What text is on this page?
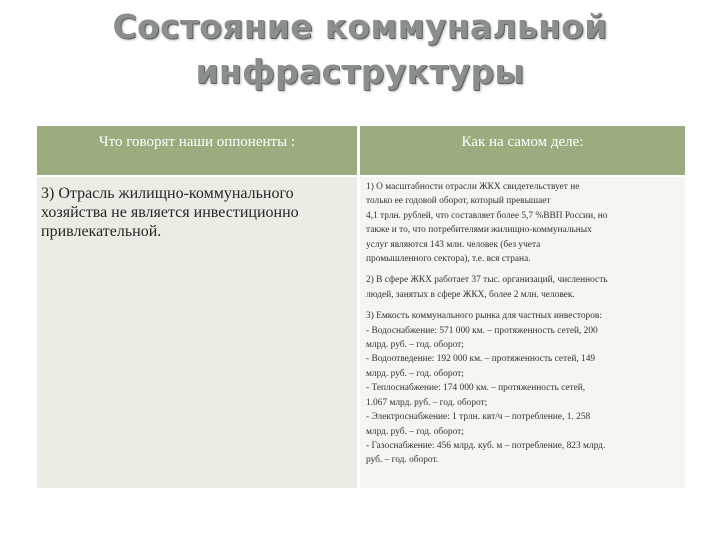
Состояние коммунальной
инфраструктуры
Что говорят наши оппоненты :	Как на самом деле:
3) Отрасль жилищно-коммунального хозяйства не является инвестиционно привлекательной.
1) О масштабности отрасли ЖКХ свидетельствует не
только ее годовой оборот, который превышает
4,1 трлн. рублей, что составляет более 5,7 %ВВП России, но
также и то, что потребителями жилищно-коммунальных
услуг являются 143 млн. человек (без учета
промышленного сектора), т.е. вся страна.
2) В сфере ЖКХ работает 37 тыс. организаций, численность
людей, занятых в сфере ЖКХ, более 2 млн. человек.
3) Емкость коммунального рынка для частных инвесторов:
- Водоснабжение: 571 000 км. – протяженность сетей, 200
млрд. руб. – год. оборот;
- Водоотведение: 192 000 км. – протяженность сетей, 149
млрд. руб. – год. оборот;
- Теплоснабжение: 174 000 км. – протяженность сетей,
1.067 млрд. руб. – год. оборот;
- Электроснабжение: 1 трлн. квт/ч – потребление, 1. 258
млрд. руб. – год. оборот;
- Газоснабжение: 456 млрд. куб. м – потребление, 823 млрд.
руб. – год. оборот.
